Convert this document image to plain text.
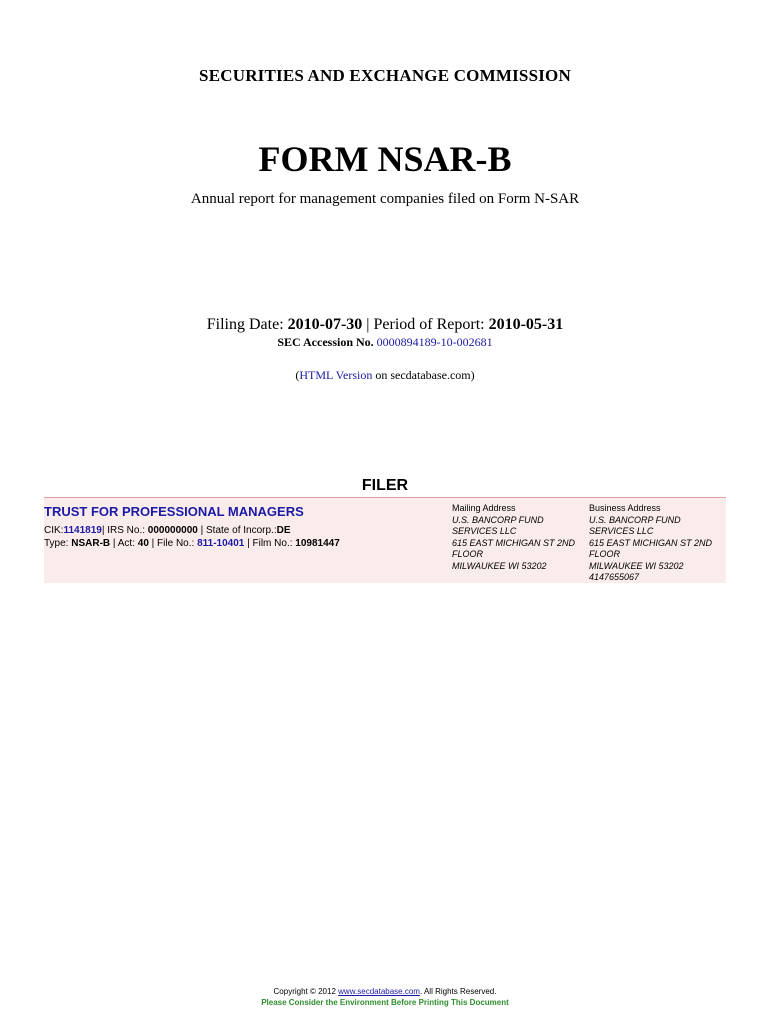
SECURITIES AND EXCHANGE COMMISSION
FORM NSAR-B
Annual report for management companies filed on Form N-SAR
Filing Date: 2010-07-30 | Period of Report: 2010-05-31
SEC Accession No. 0000894189-10-002681
(HTML Version on secdatabase.com)
FILER
TRUST FOR PROFESSIONAL MANAGERS
CIK:1141819| IRS No.: 000000000 | State of Incorp.:DE
Type: NSAR-B | Act: 40 | File No.: 811-10401 | Film No.: 10981447
Mailing Address
U.S. BANCORP FUND
SERVICES LLC
615 EAST MICHIGAN ST 2ND
FLOOR
MILWAUKEE WI 53202
Business Address
U.S. BANCORP FUND
SERVICES LLC
615 EAST MICHIGAN ST 2ND
FLOOR
MILWAUKEE WI 53202
4147655067
Copyright © 2012 www.secdatabase.com. All Rights Reserved.
Please Consider the Environment Before Printing This Document
